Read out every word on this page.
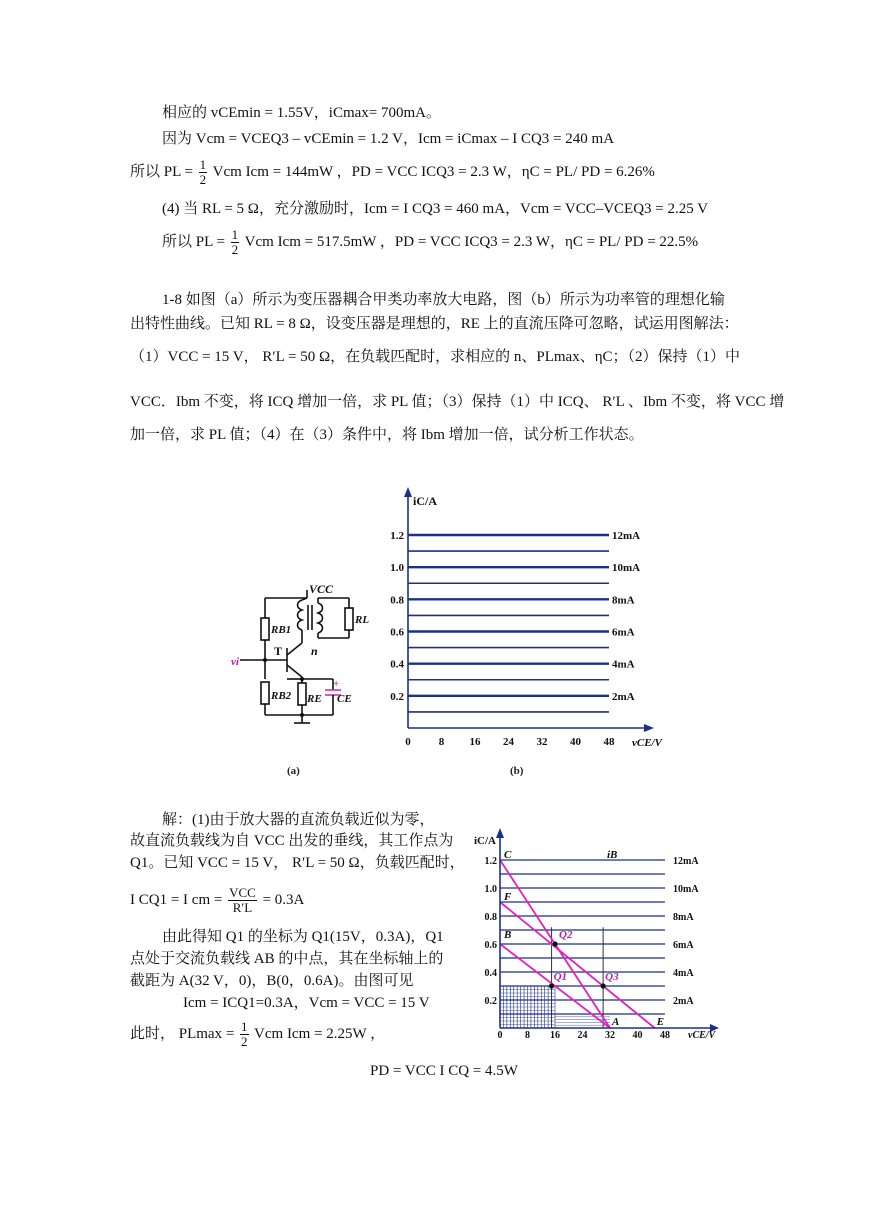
相应的 vCEmin = 1.55V，iCmax= 700mA。
因为 Vcm = VCEQ3 – vCEmin = 1.2 V，Icm = iCmax – I CQ3 = 240 mA
所以 PL = $\frac{1}{2}$ Vcm Icm = 144mW ，PD = VCC ICQ3 = 2.3 W，ηC = PL/ PD = 6.26%
(4) 当 RL = 5 Ω，充分激励时，Icm = I CQ3 = 460 mA，Vcm = VCC–VCEQ3 = 2.25 V
所以 PL = $\frac{1}{2}$ Vcm Icm = 517.5mW ，PD = VCC ICQ3 = 2.3 W，ηC = PL/ PD = 22.5%
1-8 如图（a）所示为变压器耦合甲类功率放大电路，图（b）所示为功率管的理想化输
出特性曲线。已知 RL = 8 Ω，设变压器是理想的，RE 上的直流压降可忽略，试运用图解法：
（1）VCC = 15 V， R′L = 50 Ω，在负载匹配时，求相应的 n、PLmax、ηC；（2）保持（1）中
VCC．Ibm 不变，将 ICQ 增加一倍，求 PL 值；（3）保持（1）中 ICQ、 R′L 、Ibm 不变，将 VCC 增
加一倍，求 PL 值；（4）在（3）条件中，将 Ibm 增加一倍，试分析工作状态。
VCC
RB1
RL
T n
vi
RB2 RE CE
+
(a)
iC/A
vCE/V
(b)
1.2
1.0
0.8
0.6
0.4
0.2
0	8 16 24 32 40 48
12mA
10mA
8mA
6mA
4mA
2mA
解：(1)由于放大器的直流负载近似为零，
故直流负载线为自 VCC 出发的垂线，其工作点为
Q1。已知 VCC = 15 V， R′L = 50 Ω，负载匹配时，
I CQ1 = I cm = $\frac{\text{VCC}}{R'L} = 0.3A$
由此得知 Q1 的坐标为 Q1(15V，0.3A)，Q1
点处于交流负载线 AB 的中点，其在坐标轴上的
截距为 A(32 V，0)，B(0，0.6A)。由图可见
Icm = ICQ1=0.3A，Vcm = VCC = 15 V
此时， $PLmax = \frac{1}{2}$ Vcm Icm = 2.25W ，
PD = VCC I CQ = 4.5W
iC/A
iB
C
F
B	Q2
Q1	Q3
A	E
1.2
1.0
0.8
0.6
0.4
0.2
0 8 16 24 32 40 48 vCE/V
12mA
10mA
8mA
6mA
4mA
2mA
